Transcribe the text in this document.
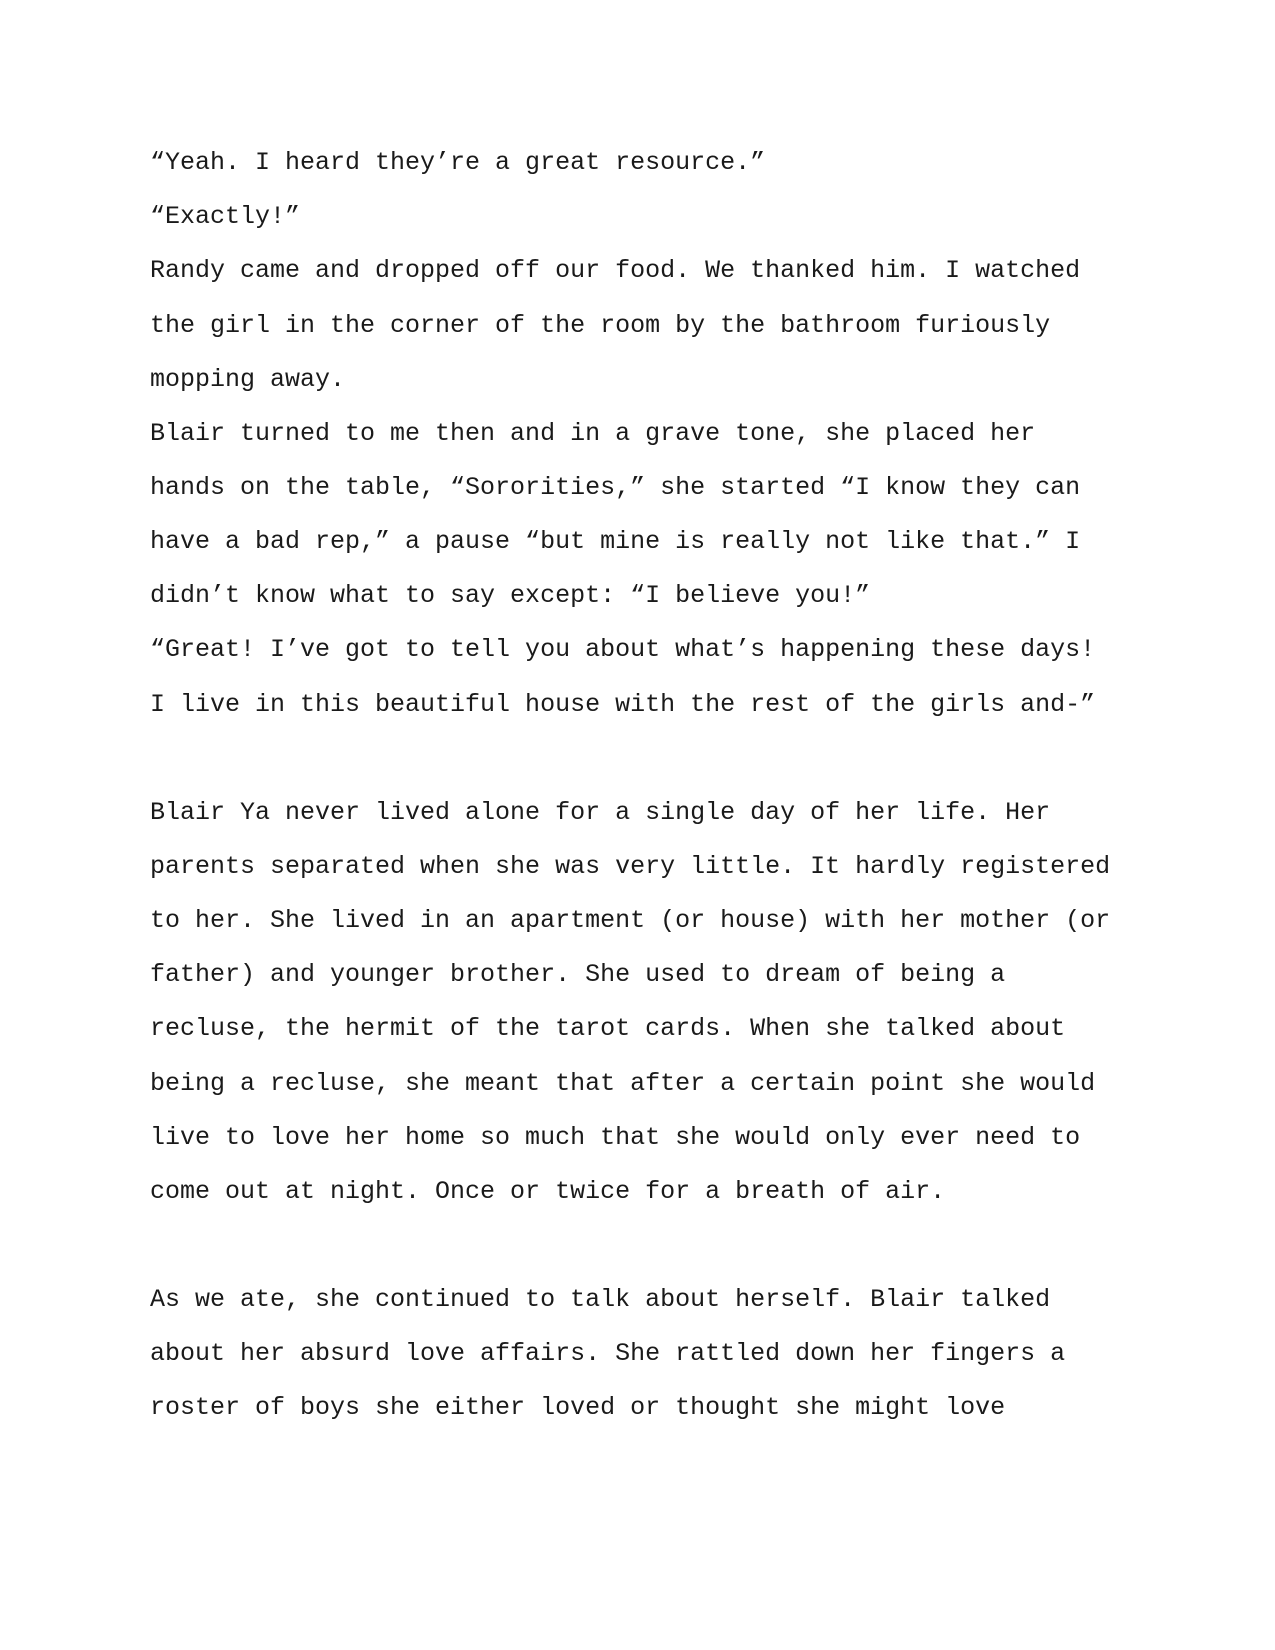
“Yeah. I heard they’re a great resource.”

“Exactly!”

Randy came and dropped off our food. We thanked him. I watched

the girl in the corner of the room by the bathroom furiously

mopping away.

Blair turned to me then and in a grave tone, she placed her

hands on the table, “Sororities,” she started “I know they can

have a bad rep,” a pause “but mine is really not like that.” I

didn’t know what to say except: “I believe you!”

“Great! I’ve got to tell you about what’s happening these days!

I live in this beautiful house with the rest of the girls and-”

Blair Ya never lived alone for a single day of her life. Her

parents separated when she was very little. It hardly registered

to her. She lived in an apartment (or house) with her mother (or

father) and younger brother. She used to dream of being a

recluse, the hermit of the tarot cards. When she talked about

being a recluse, she meant that after a certain point she would

live to love her home so much that she would only ever need to

come out at night. Once or twice for a breath of air.

As we ate, she continued to talk about herself. Blair talked

about her absurd love affairs. She rattled down her fingers a

roster of boys she either loved or thought she might love
